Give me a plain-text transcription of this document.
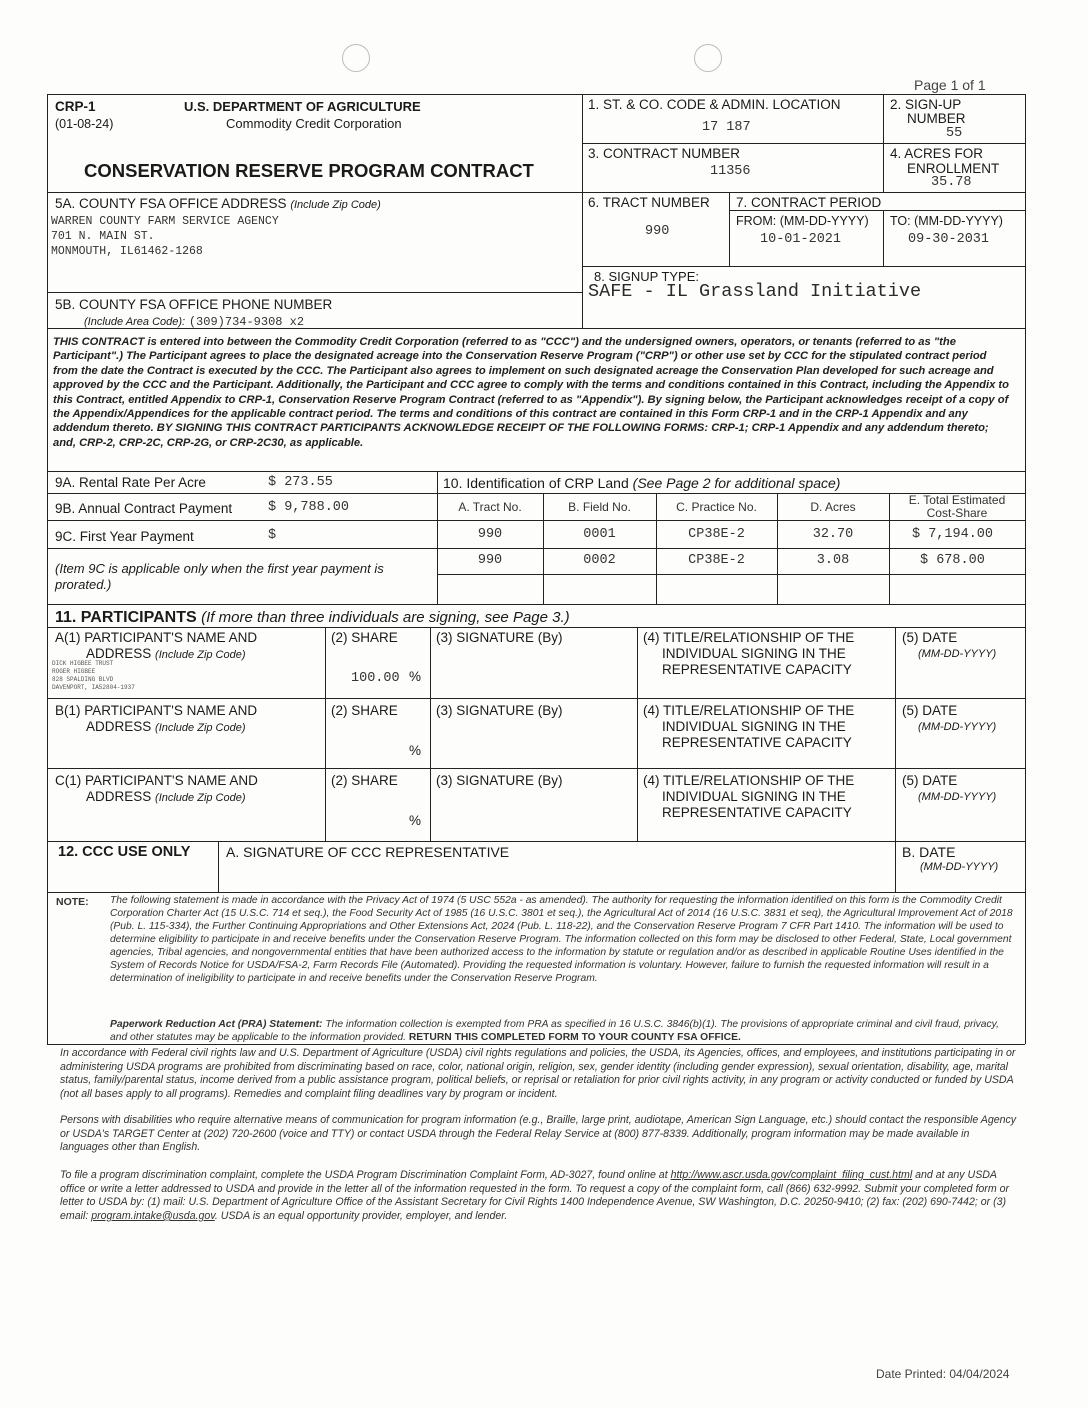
Page 1 of 1
CRP-1
(01-08-24)
U.S. DEPARTMENT OF AGRICULTURE
Commodity Credit Corporation
CONSERVATION RESERVE PROGRAM CONTRACT
1. ST. & CO. CODE & ADMIN. LOCATION
17 187
2. SIGN-UP
NUMBER
55
3. CONTRACT NUMBER
11356
4. ACRES FOR
ENROLLMENT
35.78
5A. COUNTY FSA OFFICE ADDRESS (Include Zip Code)
WARREN COUNTY FARM SERVICE AGENCY
701 N. MAIN ST.
MONMOUTH, IL61462-1268
6. TRACT NUMBER
990
7. CONTRACT PERIOD
FROM: (MM-DD-YYYY)
10-01-2021
TO: (MM-DD-YYYY)
09-30-2031
8. SIGNUP TYPE:
SAFE - IL Grassland Initiative
5B. COUNTY FSA OFFICE PHONE NUMBER
(Include Area Code): (309)734-9308 x2
THIS CONTRACT is entered into between the Commodity Credit Corporation (referred to as "CCC") and the undersigned owners, operators, or tenants (referred to as "the Participant".) The Participant agrees to place the designated acreage into the Conservation Reserve Program ("CRP") or other use set by CCC for the stipulated contract period from the date the Contract is executed by the CCC. The Participant also agrees to implement on such designated acreage the Conservation Plan developed for such acreage and approved by the CCC and the Participant. Additionally, the Participant and CCC agree to comply with the terms and conditions contained in this Contract, including the Appendix to this Contract, entitled Appendix to CRP-1, Conservation Reserve Program Contract (referred to as "Appendix"). By signing below, the Participant acknowledges receipt of a copy of the Appendix/Appendices for the applicable contract period. The terms and conditions of this contract are contained in this Form CRP-1 and in the CRP-1 Appendix and any addendum thereto. BY SIGNING THIS CONTRACT PARTICIPANTS ACKNOWLEDGE RECEIPT OF THE FOLLOWING FORMS: CRP-1; CRP-1 Appendix and any addendum thereto; and, CRP-2, CRP-2C, CRP-2G, or CRP-2C30, as applicable.
9A. Rental Rate Per Acre	$ 273.55
9B. Annual Contract Payment	$ 9,788.00
9C. First Year Payment	$
(Item 9C is applicable only when the first year payment is prorated.)
10. Identification of CRP Land (See Page 2 for additional space)
A. Tract No.	B. Field No.	C. Practice No.	D. Acres	E. Total Estimated Cost-Share
990	0001	CP38E-2	32.70	$ 7,194.00
990	0002	CP38E-2	3.08	$ 678.00
11. PARTICIPANTS (If more than three individuals are signing, see Page 3.)
A(1) PARTICIPANT'S NAME AND
ADDRESS (Include Zip Code)
DICK HIGBEE TRUST
ROGER HIGBEE
828 SPALDING BLVD
DAVENPORT, IA52804-1937
(2) SHARE
100.00 %
(3) SIGNATURE (By)	(4) TITLE/RELATIONSHIP OF THE
INDIVIDUAL SIGNING IN THE
REPRESENTATIVE CAPACITY
(5) DATE
(MM-DD-YYYY)
B(1) PARTICIPANT'S NAME AND
ADDRESS (Include Zip Code)
(2) SHARE
%
(3) SIGNATURE (By)	(4) TITLE/RELATIONSHIP OF THE
INDIVIDUAL SIGNING IN THE
REPRESENTATIVE CAPACITY
(5) DATE
(MM-DD-YYYY)
C(1) PARTICIPANT'S NAME AND
ADDRESS (Include Zip Code)
(2) SHARE
%
(3) SIGNATURE (By)	(4) TITLE/RELATIONSHIP OF THE
INDIVIDUAL SIGNING IN THE
REPRESENTATIVE CAPACITY
(5) DATE
(MM-DD-YYYY)
12. CCC USE ONLY	A. SIGNATURE OF CCC REPRESENTATIVE	B. DATE
(MM-DD-YYYY)
NOTE: The following statement is made in accordance with the Privacy Act of 1974 (5 USC 552a - as amended). The authority for requesting the information identified on this form is the Commodity Credit Corporation Charter Act (15 U.S.C. 714 et seq.), the Food Security Act of 1985 (16 U.S.C. 3801 et seq.), the Agricultural Act of 2014 (16 U.S.C. 3831 et seq), the Agricultural Improvement Act of 2018 (Pub. L. 115-334), the Further Continuing Appropriations and Other Extensions Act, 2024 (Pub. L. 118-22), and the Conservation Reserve Program 7 CFR Part 1410. The information will be used to determine eligibility to participate in and receive benefits under the Conservation Reserve Program. The information collected on this form may be disclosed to other Federal, State, Local government agencies, Tribal agencies, and nongovernmental entities that have been authorized access to the information by statute or regulation and/or as described in applicable Routine Uses identified in the System of Records Notice for USDA/FSA-2, Farm Records File (Automated). Providing the requested information is voluntary. However, failure to furnish the requested information will result in a determination of ineligibility to participate in and receive benefits under the Conservation Reserve Program.
Paperwork Reduction Act (PRA) Statement: The information collection is exempted from PRA as specified in 16 U.S.C. 3846(b)(1). The provisions of appropriate criminal and civil fraud, privacy, and other statutes may be applicable to the information provided. RETURN THIS COMPLETED FORM TO YOUR COUNTY FSA OFFICE.
In accordance with Federal civil rights law and U.S. Department of Agriculture (USDA) civil rights regulations and policies, the USDA, its Agencies, offices, and employees, and institutions participating in or administering USDA programs are prohibited from discriminating based on race, color, national origin, religion, sex, gender identity (including gender expression), sexual orientation, disability, age, marital status, family/parental status, income derived from a public assistance program, political beliefs, or reprisal or retaliation for prior civil rights activity, in any program or activity conducted or funded by USDA (not all bases apply to all programs). Remedies and complaint filing deadlines vary by program or incident.
Persons with disabilities who require alternative means of communication for program information (e.g., Braille, large print, audiotape, American Sign Language, etc.) should contact the responsible Agency or USDA's TARGET Center at (202) 720-2600 (voice and TTY) or contact USDA through the Federal Relay Service at (800) 877-8339. Additionally, program information may be made available in languages other than English.
To file a program discrimination complaint, complete the USDA Program Discrimination Complaint Form, AD-3027, found online at http://www.ascr.usda.gov/complaint_filing_cust.html and at any USDA office or write a letter addressed to USDA and provide in the letter all of the information requested in the form. To request a copy of the complaint form, call (866) 632-9992. Submit your completed form or letter to USDA by: (1) mail: U.S. Department of Agriculture Office of the Assistant Secretary for Civil Rights 1400 Independence Avenue, SW Washington, D.C. 20250-9410; (2) fax: (202) 690-7442; or (3) email: program.intake@usda.gov. USDA is an equal opportunity provider, employer, and lender.
Date Printed: 04/04/2024
